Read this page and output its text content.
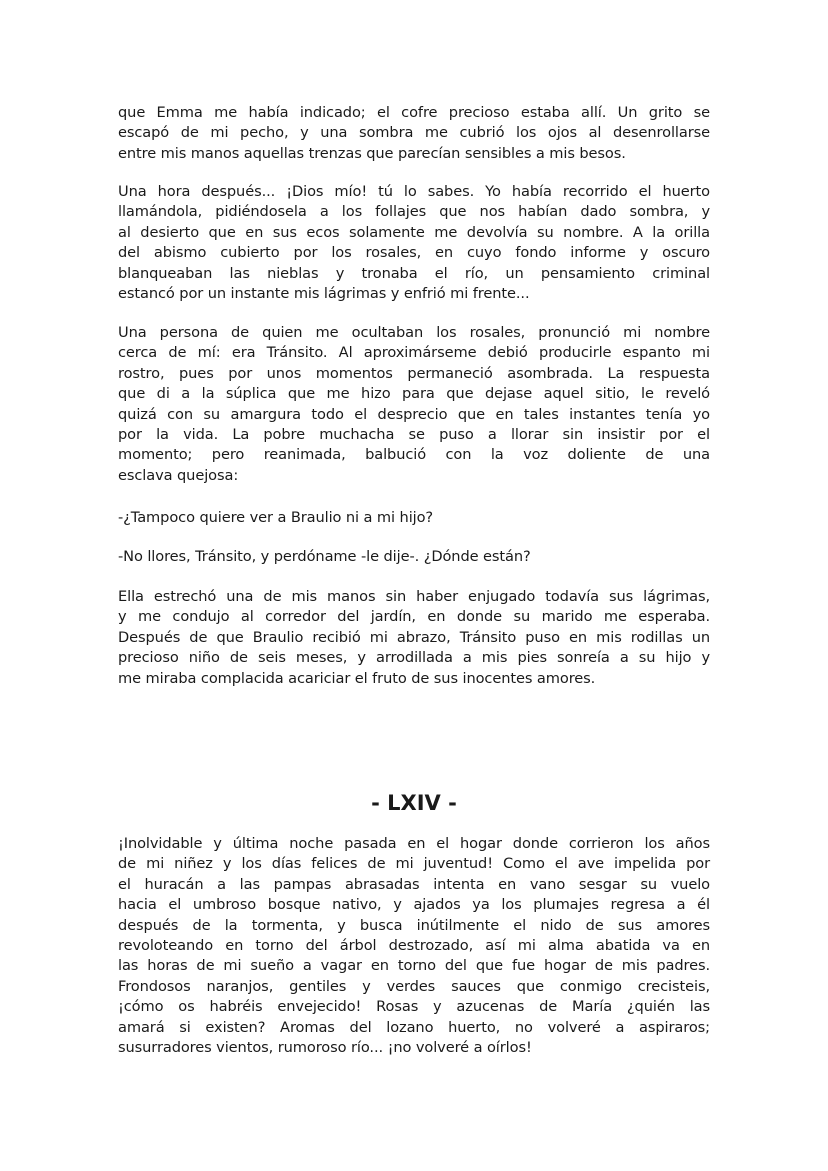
- LXIV -
que Emma me había indicado; el cofre precioso estaba allí. Un grito se
escapó de mi pecho, y una sombra me cubrió los ojos al desenrollarse
entre mis manos aquellas trenzas que parecían sensibles a mis besos.
Una hora después... ¡Dios mío! tú lo sabes. Yo había recorrido el huerto
llamándola, pidiéndosela a los follajes que nos habían dado sombra, y
al desierto que en sus ecos solamente me devolvía su nombre. A la orilla
del abismo cubierto por los rosales, en cuyo fondo informe y oscuro
blanqueaban las nieblas y tronaba el río, un pensamiento criminal
estancó por un instante mis lágrimas y enfrió mi frente...
Una persona de quien me ocultaban los rosales, pronunció mi nombre
cerca de mí: era Tránsito. Al aproximárseme debió producirle espanto mi
rostro, pues por unos momentos permaneció asombrada. La respuesta
que di a la súplica que me hizo para que dejase aquel sitio, le reveló
quizá con su amargura todo el desprecio que en tales instantes tenía yo
por la vida. La pobre muchacha se puso a llorar sin insistir por el
momento; pero reanimada, balbució con la voz doliente de una
esclava quejosa:
-¿Tampoco quiere ver a Braulio ni a mi hijo?
-No llores, Tránsito, y perdóname -le dije-. ¿Dónde están?
Ella estrechó una de mis manos sin haber enjugado todavía sus lágrimas,
y me condujo al corredor del jardín, en donde su marido me esperaba.
Después de que Braulio recibió mi abrazo, Tránsito puso en mis rodillas un
precioso niño de seis meses, y arrodillada a mis pies sonreía a su hijo y
me miraba complacida acariciar el fruto de sus inocentes amores.
¡Inolvidable y última noche pasada en el hogar donde corrieron los años
de mi niñez y los días felices de mi juventud! Como el ave impelida por
el huracán a las pampas abrasadas intenta en vano sesgar su vuelo
hacia el umbroso bosque nativo, y ajados ya los plumajes regresa a él
después de la tormenta, y busca inútilmente el nido de sus amores
revoloteando en torno del árbol destrozado, así mi alma abatida va en
las horas de mi sueño a vagar en torno del que fue hogar de mis padres.
Frondosos naranjos, gentiles y verdes sauces que conmigo crecisteis,
¡cómo os habréis envejecido! Rosas y azucenas de María ¿quién las
amará si existen? Aromas del lozano huerto, no volveré a aspiraros;
susurradores vientos, rumoroso río... ¡no volveré a oírlos!
